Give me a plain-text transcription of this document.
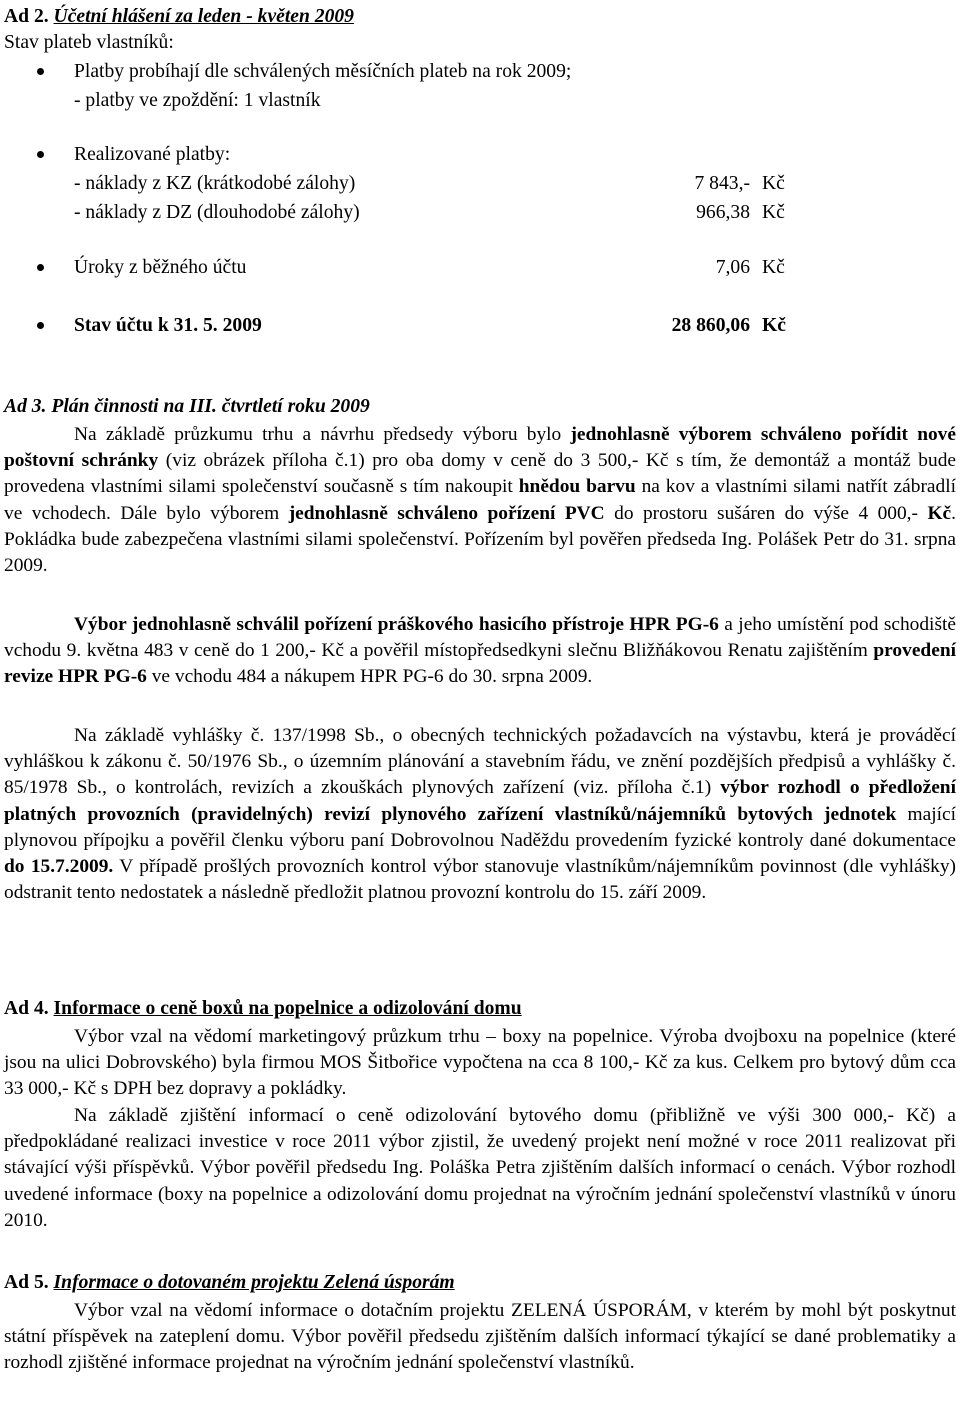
Ad 2. Účetní hlášení za leden - květen 2009
Stav plateb vlastníků:
Platby probíhají dle schválených měsíčních plateb na rok 2009;
- platby ve zpoždění: 1 vlastník
Realizované platby:
- náklady z KZ (krátkodobé zálohy)	7 843,- Kč
- náklady z DZ (dlouhodobé zálohy)	966,38 Kč
Úroky z běžného účtu	7,06 Kč
Stav účtu k 31. 5. 2009	28 860,06 Kč
Ad 3. Plán činnosti na III. čtvrtletí roku 2009
Na základě průzkumu trhu a návrhu předsedy výboru bylo jednohlasně výborem schváleno pořídit nové poštovní schránky (viz obrázek příloha č.1) pro oba domy v ceně do 3 500,- Kč s tím, že demontáž a montáž bude provedena vlastními silami společenství současně s tím nakoupit hnědou barvu na kov a vlastními silami natřít zábradlí ve vchodech. Dále bylo výborem jednohlasně schváleno pořízení PVC do prostoru sušáren do výše 4 000,- Kč. Pokládka bude zabezpečena vlastními silami společenství. Pořízením byl pověřen předseda Ing. Polášek Petr do 31. srpna 2009.
Výbor jednohlasně schválil pořízení práškového hasicího přístroje HPR PG-6 a jeho umístění pod schodiště vchodu 9. května 483 v ceně do 1 200,- Kč a pověřil místopředsedkyni slečnu Bližňákovou Renatu zajištěním provedení revize HPR PG-6 ve vchodu 484 a nákupem HPR PG-6 do 30. srpna 2009.
Na základě vyhlášky č. 137/1998 Sb., o obecných technických požadavcích na výstavbu, která je prováděcí vyhláškou k zákonu č. 50/1976 Sb., o územním plánování a stavebním řádu, ve znění pozdějších předpisů a vyhlášky č. 85/1978 Sb., o kontrolách, revizích a zkouškách plynových zařízení (viz. příloha č.1) výbor rozhodl o předložení platných provozních (pravidelných) revizí plynového zařízení vlastníků/nájemníků bytových jednotek mající plynovou přípojku a pověřil členku výboru paní Dobrovolnou Naděždu provedením fyzické kontroly dané dokumentace do 15.7.2009. V případě prošlých provozních kontrol výbor stanovuje vlastníkům/nájemníkům povinnost (dle vyhlášky) odstranit tento nedostatek a následně předložit platnou provozní kontrolu do 15. září 2009.
Ad 4. Informace o ceně boxů na popelnice a odizolování domu
Výbor vzal na vědomí marketingový průzkum trhu – boxy na popelnice. Výroba dvojboxu na popelnice (které jsou na ulici Dobrovského) byla firmou MOS Šitbořice vypočtena na cca 8 100,- Kč za kus. Celkem pro bytový dům cca 33 000,- Kč s DPH bez dopravy a pokládky.
Na základě zjištění informací o ceně odizolování bytového domu (přibližně ve výši 300 000,- Kč) a předpokládané realizaci investice v roce 2011 výbor zjistil, že uvedený projekt není možné v roce 2011 realizovat při stávající výši příspěvků. Výbor pověřil předsedu Ing. Poláška Petra zjištěním dalších informací o cenách. Výbor rozhodl uvedené informace (boxy na popelnice a odizolování domu projednat na výročním jednání společenství vlastníků v únoru 2010.
Ad 5. Informace o dotovaném projektu Zelená úsporám
Výbor vzal na vědomí informace o dotačním projektu ZELENÁ ÚSPORÁM, v kterém by mohl být poskytnut státní příspěvek na zateplení domu. Výbor pověřil předsedu zjištěním dalších informací týkající se dané problematiky a rozhodl zjištěné informace projednat na výročním jednání společenství vlastníků.
